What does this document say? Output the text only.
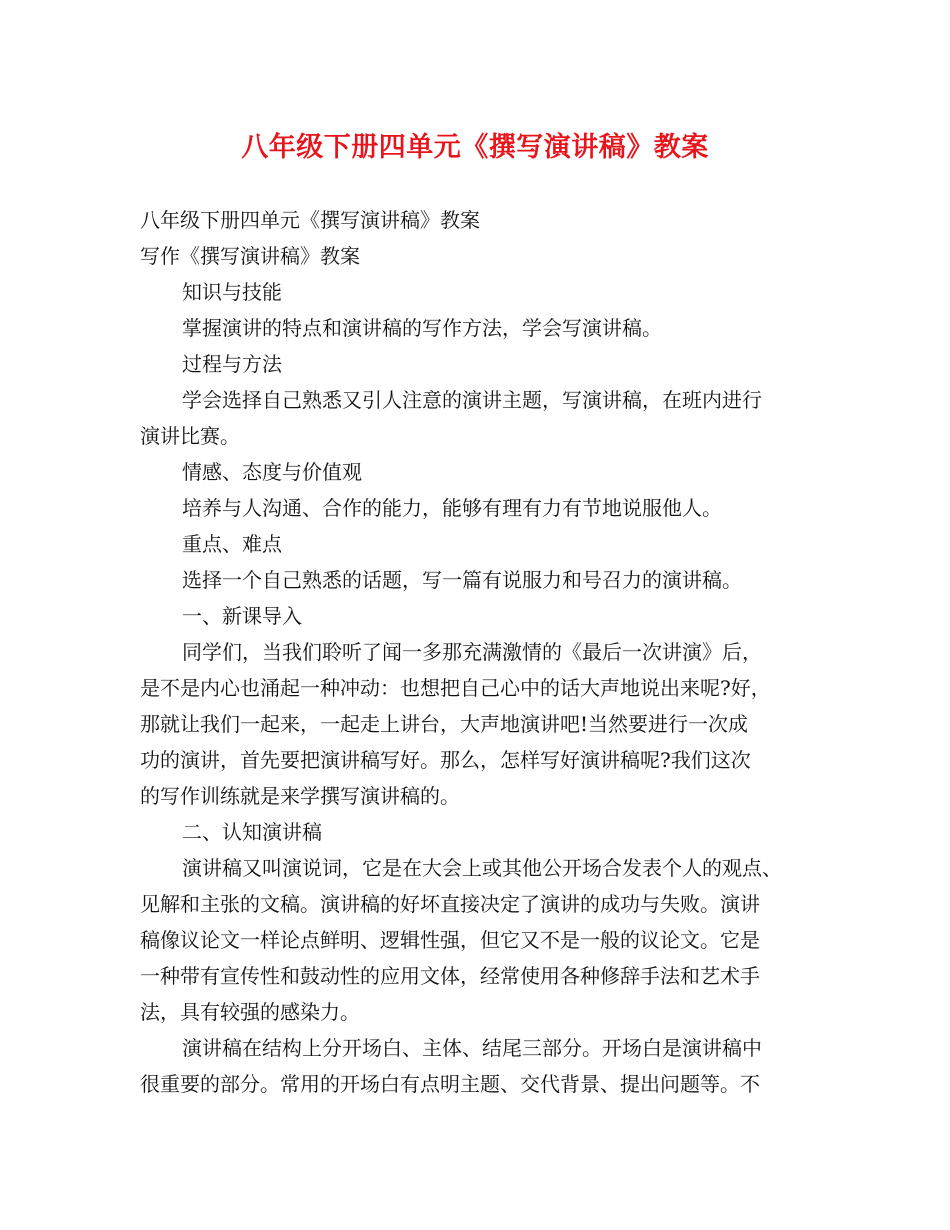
八年级下册四单元《撰写演讲稿》教案
八年级下册四单元《撰写演讲稿》教案
写作《撰写演讲稿》教案
知识与技能
掌握演讲的特点和演讲稿的写作方法，学会写演讲稿。
过程与方法
学会选择自己熟悉又引人注意的演讲主题，写演讲稿，在班内进行
演讲比赛。
情感、态度与价值观
培养与人沟通、合作的能力，能够有理有力有节地说服他人。
重点、难点
选择一个自己熟悉的话题，写一篇有说服力和号召力的演讲稿。
一、新课导入
同学们，当我们聆听了闻一多那充满激情的《最后一次讲演》后，
是不是内心也涌起一种冲动：也想把自己心中的话大声地说出来呢?好，
那就让我们一起来，一起走上讲台，大声地演讲吧!当然要进行一次成
功的演讲，首先要把演讲稿写好。那么，怎样写好演讲稿呢?我们这次
的写作训练就是来学撰写演讲稿的。
二、认知演讲稿
演讲稿又叫演说词，它是在大会上或其他公开场合发表个人的观点、
见解和主张的文稿。演讲稿的好坏直接决定了演讲的成功与失败。演讲
稿像议论文一样论点鲜明、逻辑性强，但它又不是一般的议论文。它是
一种带有宣传性和鼓动性的应用文体，经常使用各种修辞手法和艺术手
法，具有较强的感染力。
演讲稿在结构上分开场白、主体、结尾三部分。开场白是演讲稿中
很重要的部分。常用的开场白有点明主题、交代背景、提出问题等。不
